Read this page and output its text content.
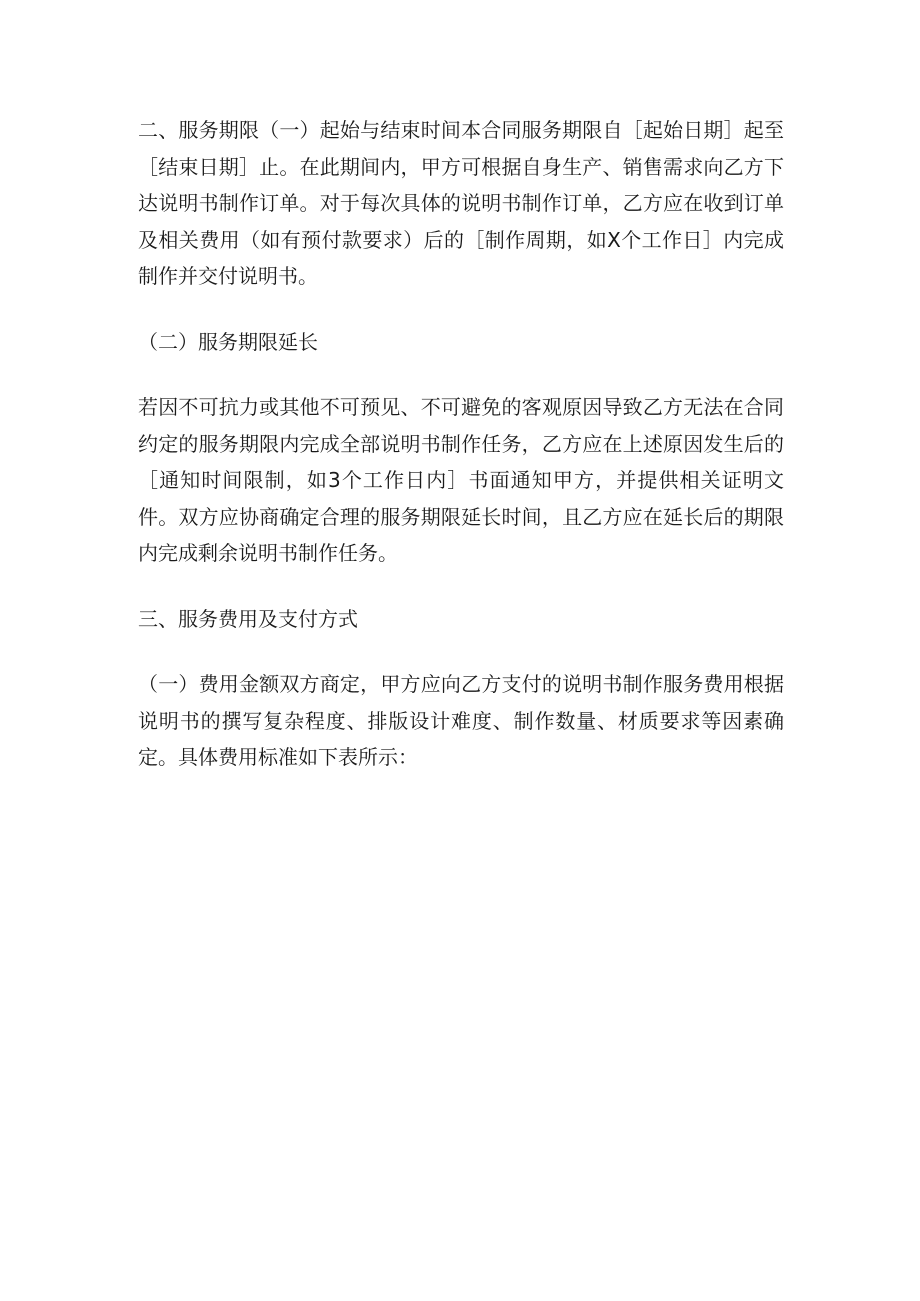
二、服务期限（一）起始与结束时间本合同服务期限自［起始日期］起至［结束日期］止。在此期间内，甲方可根据自身生产、销售需求向乙方下达说明书制作订单。对于每次具体的说明书制作订单，乙方应在收到订单及相关费用（如有预付款要求）后的［制作周期，如X个工作日］内完成制作并交付说明书。

（二）服务期限延长

若因不可抗力或其他不可预见、不可避免的客观原因导致乙方无法在合同约定的服务期限内完成全部说明书制作任务，乙方应在上述原因发生后的［通知时间限制，如3个工作日内］书面通知甲方，并提供相关证明文件。双方应协商确定合理的服务期限延长时间，且乙方应在延长后的期限内完成剩余说明书制作任务。

三、服务费用及支付方式

（一）费用金额双方商定，甲方应向乙方支付的说明书制作服务费用根据说明书的撰写复杂程度、排版设计难度、制作数量、材质要求等因素确定。具体费用标准如下表所示：
